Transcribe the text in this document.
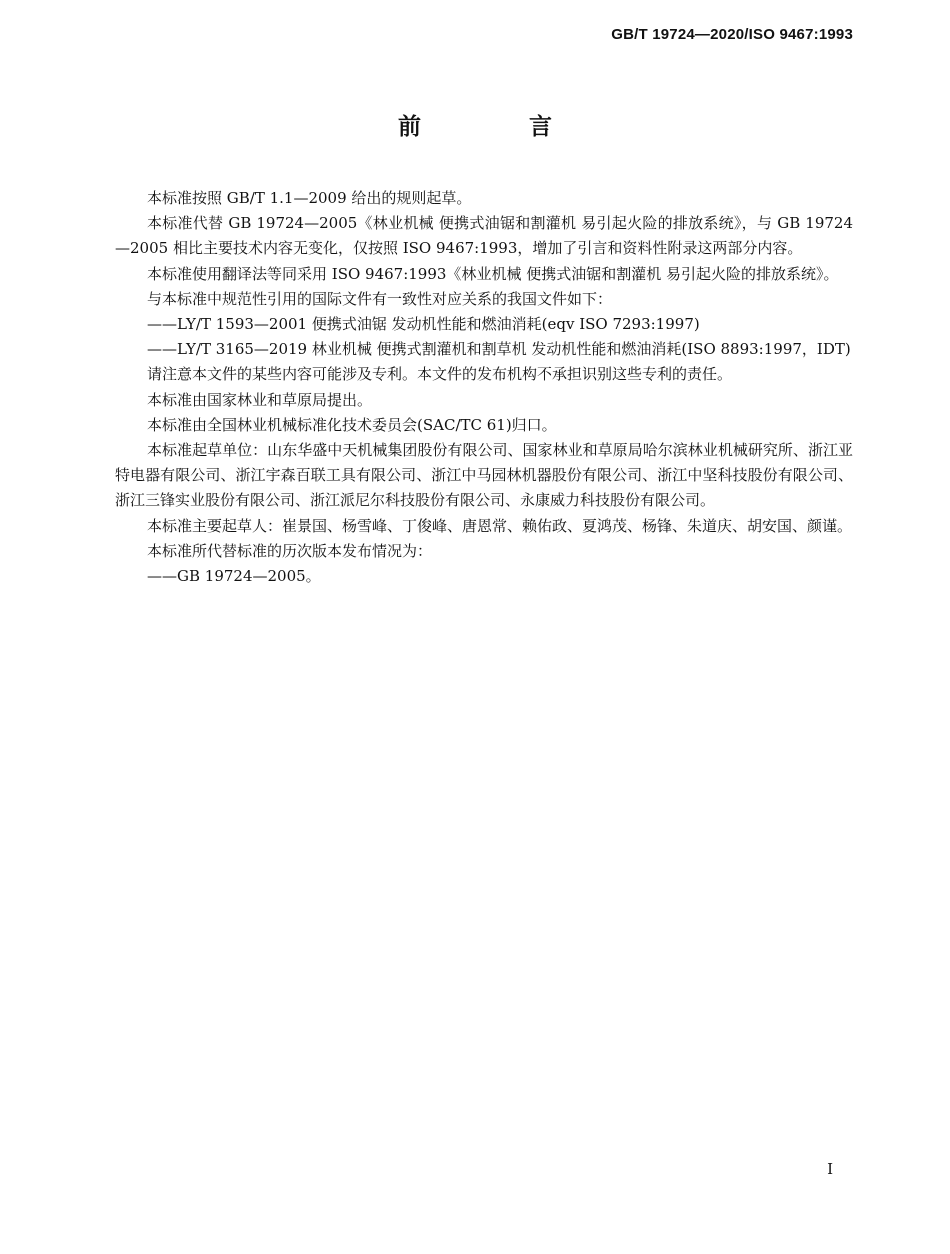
GB/T 19724—2020/ISO 9467:1993
前 言

本标准按照 GB/T 1.1—2009 给出的规则起草。

本标准代替 GB 19724—2005《林业机械 便携式油锯和割灌机 易引起火险的排放系统》，与 GB 19724—2005 相比主要技术内容无变化，仅按照 ISO 9467:1993，增加了引言和资料性附录这两部分内容。

本标准使用翻译法等同采用 ISO 9467:1993《林业机械 便携式油锯和割灌机 易引起火险的排放系统》。

与本标准中规范性引用的国际文件有一致性对应关系的我国文件如下：

——LY/T 1593—2001 便携式油锯 发动机性能和燃油消耗(eqv ISO 7293:1997)

——LY/T 3165—2019 林业机械 便携式割灌机和割草机 发动机性能和燃油消耗(ISO 8893:1997，IDT)

请注意本文件的某些内容可能涉及专利。本文件的发布机构不承担识别这些专利的责任。

本标准由国家林业和草原局提出。

本标准由全国林业机械标准化技术委员会(SAC/TC 61)归口。

本标准起草单位：山东华盛中天机械集团股份有限公司、国家林业和草原局哈尔滨林业机械研究所、浙江亚特电器有限公司、浙江宇森百联工具有限公司、浙江中马园林机器股份有限公司、浙江中坚科技股份有限公司、浙江三锋实业股份有限公司、浙江派尼尔科技股份有限公司、永康威力科技股份有限公司。

本标准主要起草人：崔景国、杨雪峰、丁俊峰、唐恩常、赖佑政、夏鸿茂、杨锋、朱道庆、胡安国、颜谨。

本标准所代替标准的历次版本发布情况为：

——GB 19724—2005。

I
